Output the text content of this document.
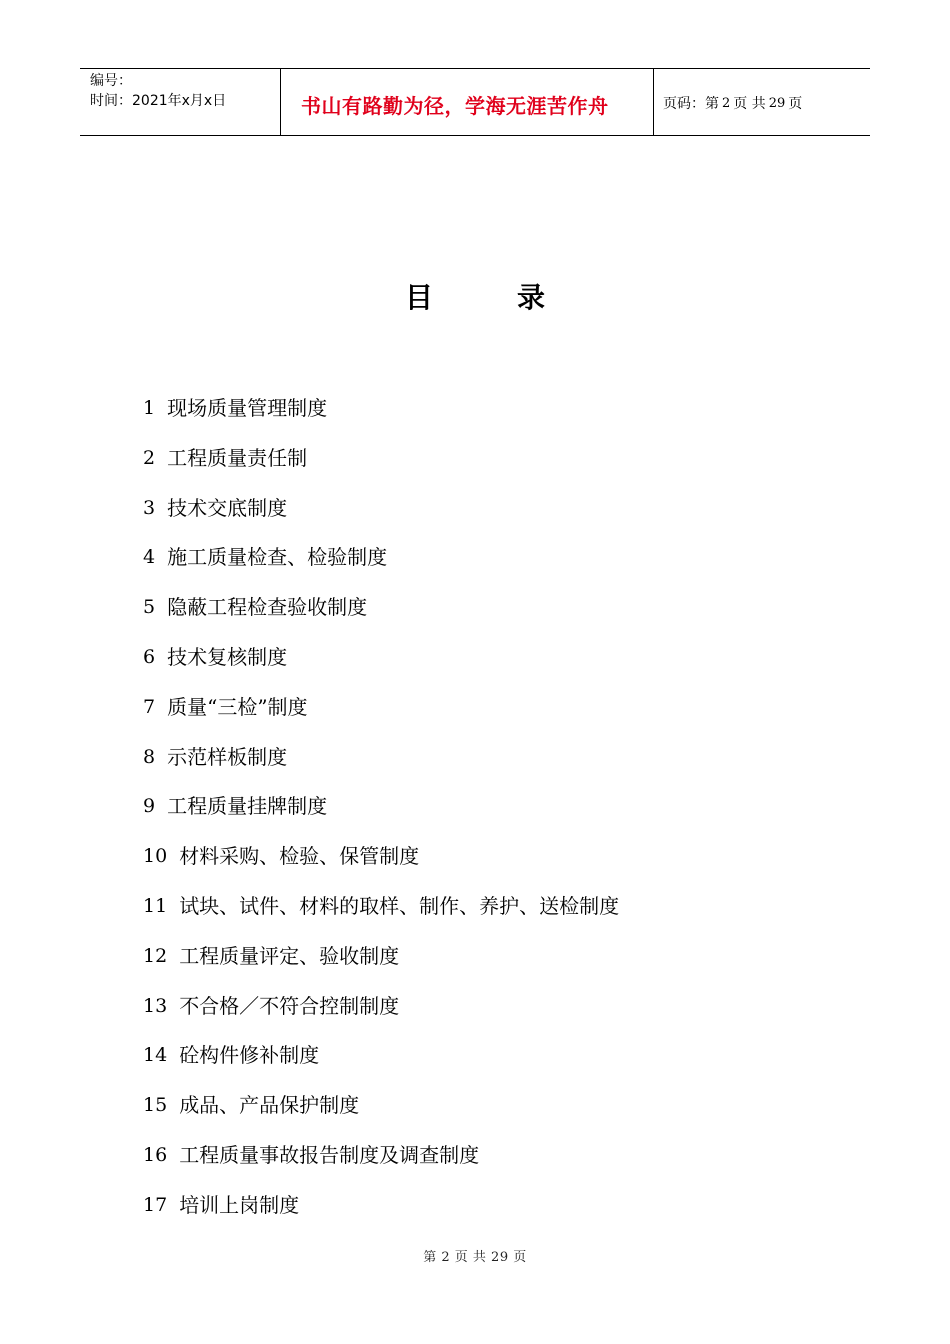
编号：
时间：2021年x月x日	书山有路勤为径，学海无涯苦作舟	页码：第 2 页 共 29 页
目	录
1 现场质量管理制度
2 工程质量责任制
3 技术交底制度
4 施工质量检查、检验制度
5 隐蔽工程检查验收制度
6 技术复核制度
7 质量“三检”制度
8 示范样板制度
9 工程质量挂牌制度
10 材料采购、检验、保管制度
11 试块、试件、材料的取样、制作、养护、送检制度
12 工程质量评定、验收制度
13 不合格／不符合控制制度
14 砼构件修补制度
15 成品、产品保护制度
16 工程质量事故报告制度及调查制度
17 培训上岗制度
第 2 页 共 29 页
